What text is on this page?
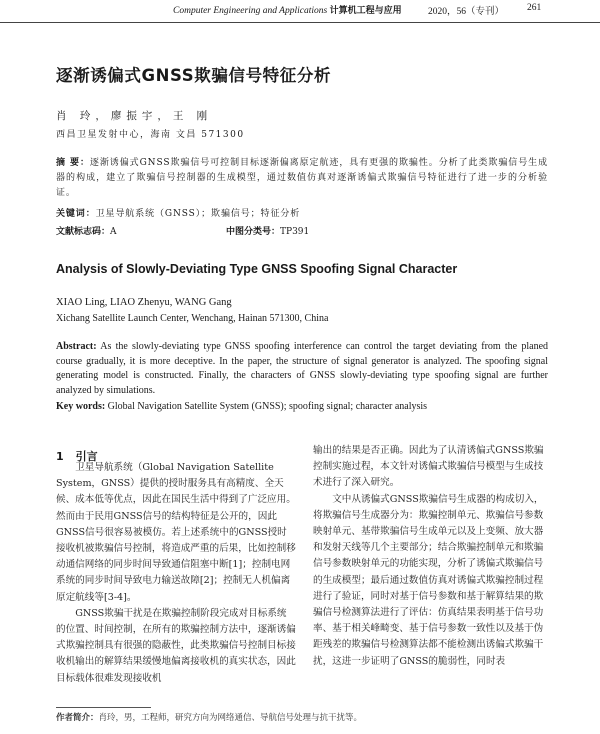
Computer Engineering and Applications 计算机工程与应用	2020，56（专刊） 261
逐渐诱偏式GNSS欺骗信号特征分析
肖 玲，廖振宇，王 刚
西昌卫星发射中心，海南 文昌 571300

摘 要：逐渐诱偏式GNSS欺骗信号可控制目标逐渐偏离原定航迹，具有更强的欺骗性。分析了此类欺骗信号生成器的构成，建立了欺骗信号控制器的生成模型，通过数值仿真对逐渐诱偏式欺骗信号特征进行了进一步的分析验证。

关键词：卫星导航系统（GNSS）；欺骗信号；特征分析
文献标志码：A	中图分类号：TP391
Analysis of Slowly-Deviating Type GNSS Spoofing Signal Character
XIAO Ling, LIAO Zhenyu, WANG Gang
Xichang Satellite Launch Center, Wenchang, Hainan 571300, China

Abstract: As the slowly-deviating type GNSS spoofing interference can control the target deviating from the planed course gradually, it is more deceptive. In the paper, the structure of signal generator is analyzed. The spoofing signal generating model is constructed. Finally, the characters of GNSS slowly-deviating type spoofing signal are further analyzed by simulations.

Key words: Global Navigation Satellite System (GNSS); spoofing signal; character analysis
1 引言

卫星导航系统（Global Navigation Satellite System，GNSS）提供的授时服务具有高精度、全天候、成本低等优点，因此在国民生活中得到了广泛应用。然而由于民用GNSS信号的结构特征是公开的，因此GNSS信号很容易被模仿。若上述系统中的GNSS授时接收机被欺骗信号控制，将造成严重的后果，比如控制移动通信网络的同步时间导致通信阻塞中断[1]；控制电网系统的同步时间导致电力输送故障[2]；控制无人机偏离原定航线等[3-4]。

GNSS欺骗干扰是在欺骗控制阶段完成对目标系统的位置、时间控制，在所有的欺骗控制方法中，逐渐诱偏式欺骗控制具有很强的隐蔽性，此类欺骗信号控制目标接收机输出的解算结果缓慢地偏离接收机的真实状态，因此目标载体很难发现接收机

输出的结果是否正确。因此为了认清诱偏式GNSS欺骗控制实施过程，本文针对诱偏式欺骗信号模型与生成技术进行了深入研究。

文中从诱偏式GNSS欺骗信号生成器的构成切入，将欺骗信号生成器分为：欺骗控制单元、欺骗信号参数映射单元、基带欺骗信号生成单元以及上变频、放大器和发射天线等几个主要部分；结合欺骗控制单元和欺骗信号参数映射单元的功能实现，分析了诱偏式欺骗信号的生成模型；最后通过数值仿真对诱偏式欺骗控制过程进行了验证，同时对基于信号参数和基于解算结果的欺骗信号检测算法进行了评估：仿真结果表明基于信号功率、基于相关峰畸变、基于信号参数一致性以及基于伪距残差的欺骗信号检测算法都不能检测出诱偏式欺骗干扰，这进一步证明了GNSS的脆弱性，同时表

作者简介：肖玲，男，工程师，研究方向为网络通信、导航信号处理与抗干扰等。
